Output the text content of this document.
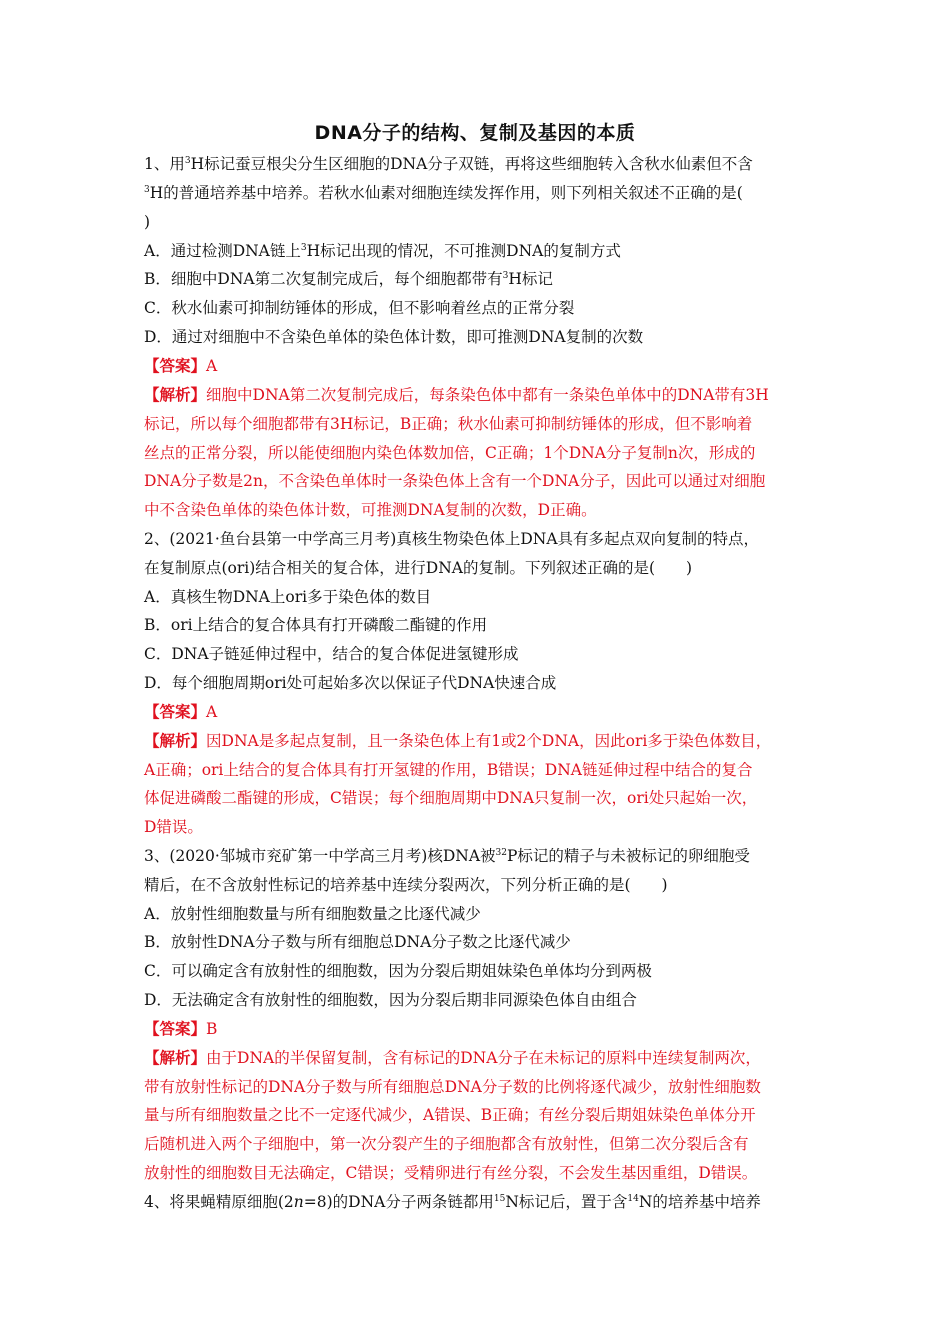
DNA分子的结构、复制及基因的本质
1、用$^3$H标记蚕豆根尖分生区细胞的DNA分子双链，再将这些细胞转入含秋水仙素但不含
$^3$H的普通培养基中培养。若秋水仙素对细胞连续发挥作用，则下列相关叙述不正确的是(
)
A．通过检测DNA链上$^3$H标记出现的情况，不可推测DNA的复制方式
B．细胞中DNA第二次复制完成后，每个细胞都带有$^3$H标记
C．秋水仙素可抑制纺锤体的形成，但不影响着丝点的正常分裂
D．通过对细胞中不含染色单体的染色体计数，即可推测DNA复制的次数
【答案】A
【解析】细胞中DNA第二次复制完成后，每条染色体中都有一条染色单体中的DNA带有3H
标记，所以每个细胞都带有3H标记，B正确；秋水仙素可抑制纺锤体的形成，但不影响着
丝点的正常分裂，所以能使细胞内染色体数加倍，C正确；1个DNA分子复制n次，形成的
DNA分子数是2n，不含染色单体时一条染色体上含有一个DNA分子，因此可以通过对细胞
中不含染色单体的染色体计数，可推测DNA复制的次数，D正确。
2、(2021·鱼台县第一中学高三月考)真核生物染色体上DNA具有多起点双向复制的特点，
在复制原点(ori)结合相关的复合体，进行DNA的复制。下列叙述正确的是(　　)
A．真核生物DNA上ori多于染色体的数目
B．ori上结合的复合体具有打开磷酸二酯键的作用
C．DNA子链延伸过程中，结合的复合体促进氢键形成
D．每个细胞周期ori处可起始多次以保证子代DNA快速合成
【答案】A
【解析】因DNA是多起点复制，且一条染色体上有1或2个DNA，因此ori多于染色体数目，
A正确；ori上结合的复合体具有打开氢键的作用，B错误；DNA链延伸过程中结合的复合
体促进磷酸二酯键的形成，C错误；每个细胞周期中DNA只复制一次，ori处只起始一次，
D错误。
3、(2020·邹城市兖矿第一中学高三月考)核DNA被$^{32}$P标记的精子与未被标记的卵细胞受
精后，在不含放射性标记的培养基中连续分裂两次，下列分析正确的是(　　)
A．放射性细胞数量与所有细胞数量之比逐代减少
B．放射性DNA分子数与所有细胞总DNA分子数之比逐代减少
C．可以确定含有放射性的细胞数，因为分裂后期姐妹染色单体均分到两极
D．无法确定含有放射性的细胞数，因为分裂后期非同源染色体自由组合
【答案】B
【解析】由于DNA的半保留复制，含有标记的DNA分子在未标记的原料中连续复制两次，
带有放射性标记的DNA分子数与所有细胞总DNA分子数的比例将逐代减少，放射性细胞数
量与所有细胞数量之比不一定逐代减少，A错误、B正确；有丝分裂后期姐妹染色单体分开
后随机进入两个子细胞中，第一次分裂产生的子细胞都含有放射性，但第二次分裂后含有
放射性的细胞数目无法确定，C错误；受精卵进行有丝分裂，不会发生基因重组，D错误。
4、将果蝇精原细胞(2n=8)的DNA分子两条链都用$^{15}$N标记后，置于含$^{14}$N的培养基中培养
